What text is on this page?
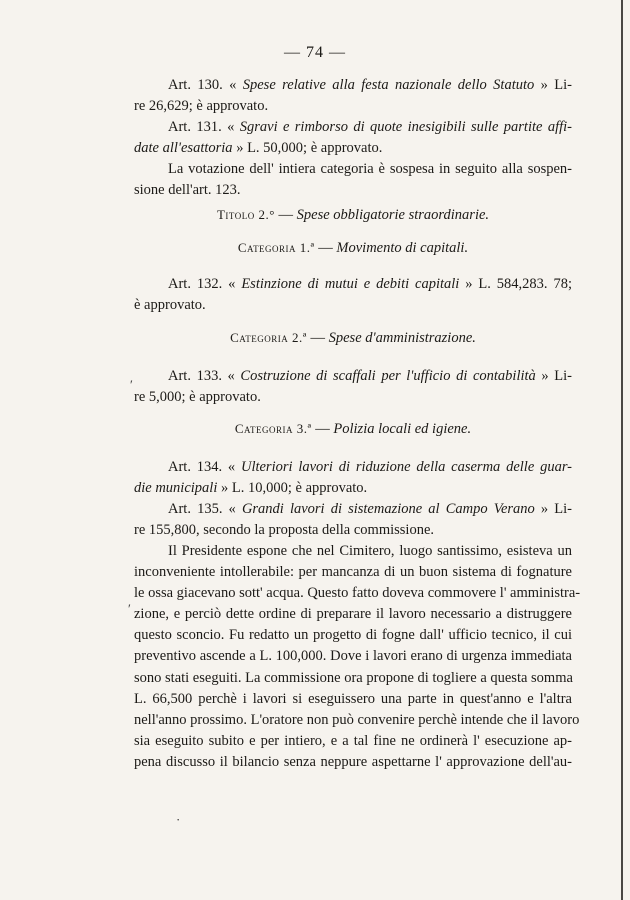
— 74 —
Art. 130. « Spese relative alla festa nazionale dello Statuto » Li-
re 26,629; è approvato.
Art. 131. « Sgravi e rimborso di quote inesigibili sulle partite affi-
date all'esattoria » L. 50,000; è approvato.
La votazione dell' intiera categoria è sospesa in seguito alla sospen-
sione dell'art. 123.
Titolo 2.° — Spese obbligatorie straordinarie.
Categoria 1.ª — Movimento di capitali.
Art. 132. « Estinzione di mutui e debiti capitali » L. 584,283. 78;
è approvato.
Categoria 2.ª — Spese d'amministrazione.
Art. 133. « Costruzione di scaffali per l'ufficio di contabilità » Li-
re 5,000; è approvato.
Categoria 3.ª — Polizia locali ed igiene.
Art. 134. « Ulteriori lavori di riduzione della caserma delle guar-
die municipali » L. 10,000; è approvato.
Art. 135. « Grandi lavori di sistemazione al Campo Verano » Li-
re 155,800, secondo la proposta della commissione.
Il Presidente espone che nel Cimitero, luogo santissimo, esisteva un
inconveniente intollerabile: per mancanza di un buon sistema di fognature
le ossa giacevano sott' acqua. Questo fatto doveva commovere l' amministra-
zione, e perciò dette ordine di preparare il lavoro necessario a distruggere
questo sconcio. Fu redatto un progetto di fogne dall' ufficio tecnico, il cui
preventivo ascende a L. 100,000. Dove i lavori erano di urgenza immediata
sono stati eseguiti. La commissione ora propone di togliere a questa somma
L. 66,500 perchè i lavori si eseguissero una parte in quest'anno e l'altra
nell'anno prossimo. L'oratore non può convenire perchè intende che il lavoro
sia eseguito subito e per intiero, e a tal fine ne ordinerà l' esecuzione ap-
pena discusso il bilancio senza neppure aspettarne l' approvazione dell'au-
′
′
·
